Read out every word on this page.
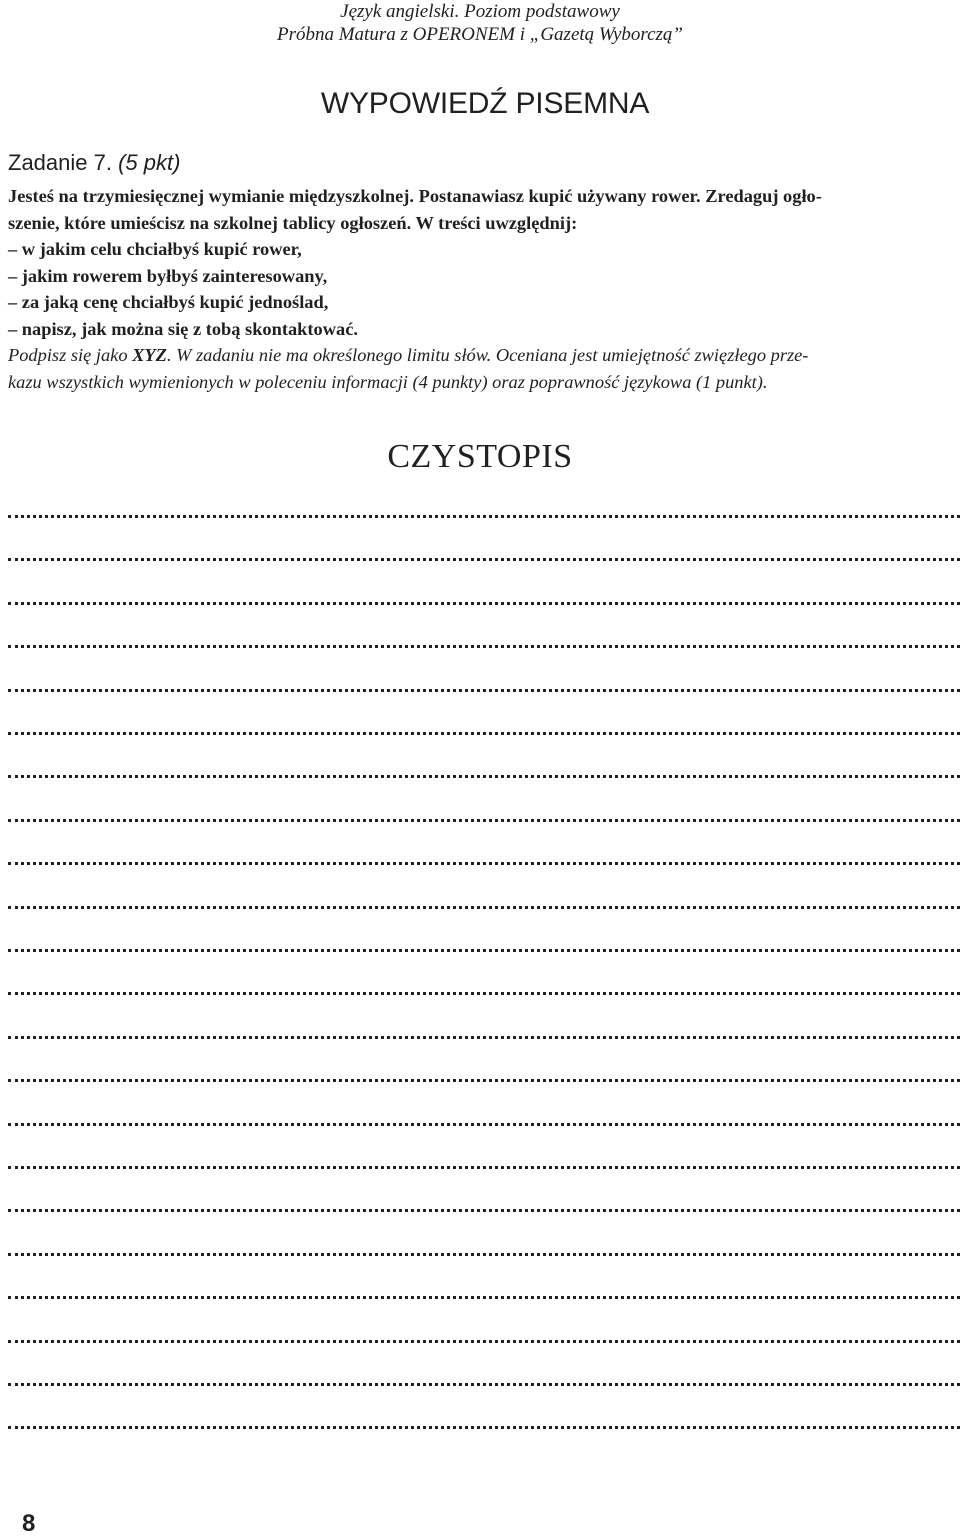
Język angielski. Poziom podstawowy
Próbna Matura z OPERONEM i „Gazetą Wyborczą”
WYPOWIEDŹ PISEMNA
Zadanie 7. (5 pkt)
Jesteś na trzymiesięcznej wymianie międzyszkolnej. Postanawiasz kupić używany rower. Zredaguj ogło-
szenie, które umieścisz na szkolnej tablicy ogłoszeń. W treści uwzględnij:
– w jakim celu chciałbyś kupić rower,
– jakim rowerem byłbyś zainteresowany,
– za jaką cenę chciałbyś kupić jednoślad,
– napisz, jak można się z tobą skontaktować.
Podpisz się jako XYZ. W zadaniu nie ma określonego limitu słów. Oceniana jest umiejętność zwięzłego prze-
kazu wszystkich wymienionych w poleceniu informacji (4 punkty) oraz poprawność językowa (1 punkt).
CZYSTOPIS
8
